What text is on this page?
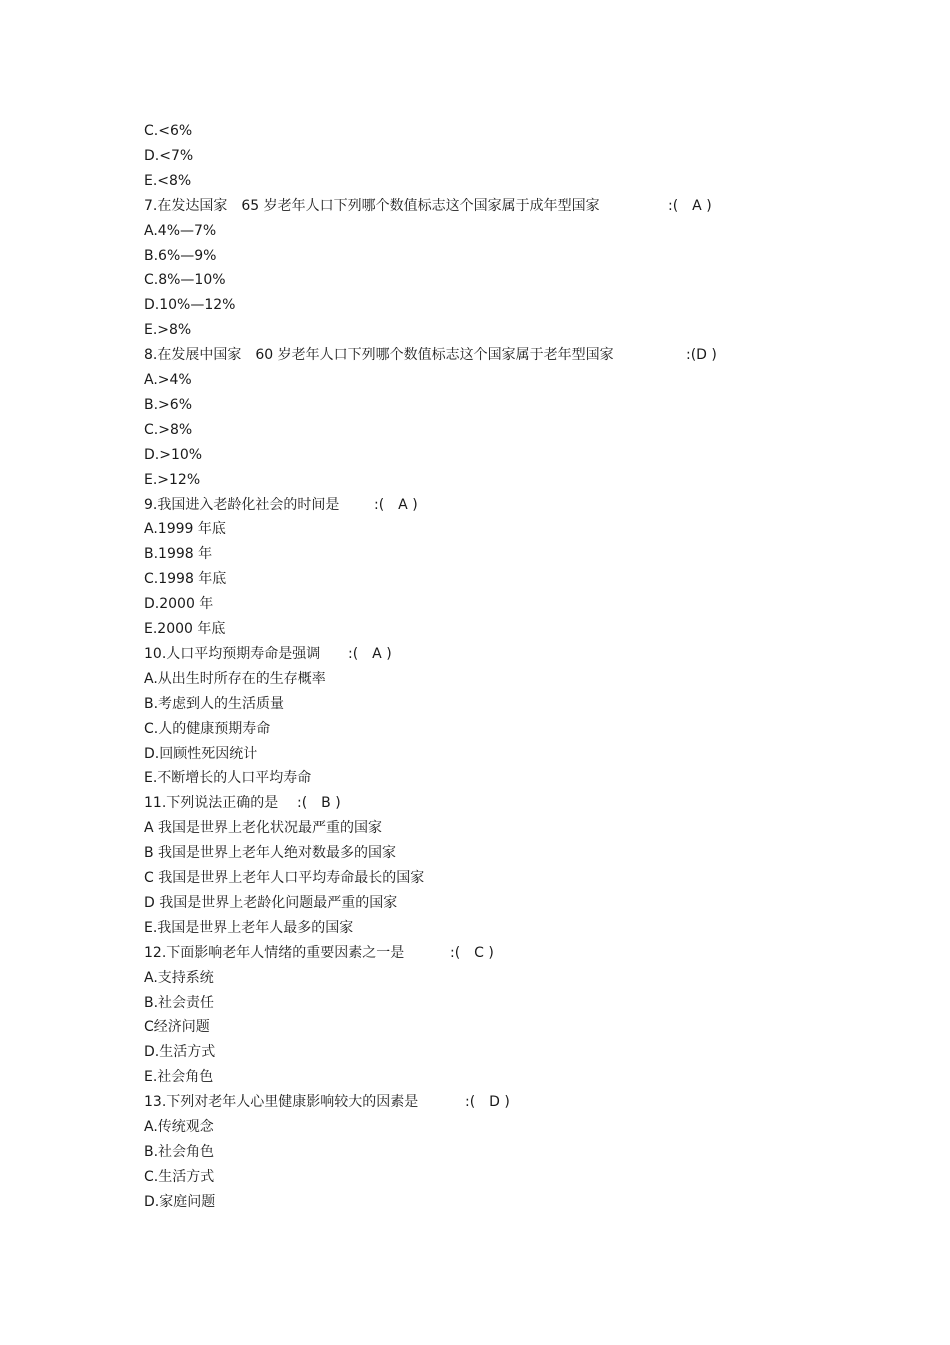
C.<6%
D.<7%
E.<8%
7.在发达国家　65 岁老年人口下列哪个数值标志这个国家属于成年型国家	:(　A )
A.4%—7%
B.6%—9%
C.8%—10%
D.10%—12%
E.>8%
8.在发展中国家　60 岁老年人口下列哪个数值标志这个国家属于老年型国家	:(D )
A.>4%
B.>6%
C.>8%
D.>10%
E.>12%
9.我国进入老龄化社会的时间是 :(　A )
A.1999 年底
B.1998 年
C.1998 年底
D.2000 年
E.2000 年底
10.人口平均预期寿命是强调 :(　A )
A.从出生时所存在的生存概率
B.考虑到人的生活质量
C.人的健康预期寿命
D.回顾性死因统计
E.不断增长的人口平均寿命
11.下列说法正确的是 :(　B )
A 我国是世界上老化状况最严重的国家
B 我国是世界上老年人绝对数最多的国家
C 我国是世界上老年人口平均寿命最长的国家
D 我国是世界上老龄化问题最严重的国家
E.我国是世界上老年人最多的国家
12.下面影响老年人情绪的重要因素之一是	:(　C )
A.支持系统
B.社会责任
C经济问题
D.生活方式
E.社会角色
13.下列对老年人心里健康影响较大的因素是	:(　D )
A.传统观念
B.社会角色
C.生活方式
D.家庭问题
